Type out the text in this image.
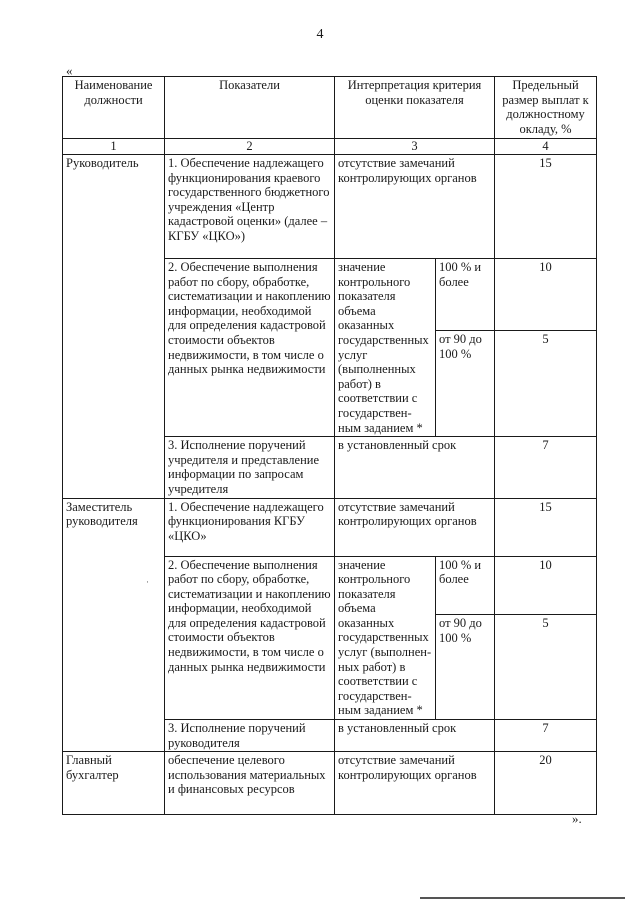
4
«
Наименование должности	Показатели	Интерпретация критерия оценки показателя		Предельный размер выплат к должностному окладу, %
1	2	3		4
Руководитель	1. Обеспечение надлежащего функционирования краевого государственного бюджетного учреждения «Центр кадастровой оценки» (далее – КГБУ «ЦКО»)	отсутствие замечаний контролирующих органов		15
	2. Обеспечение выполнения работ по сбору, обработке, систематизации и накоплению информации, необходимой для определения кадастровой стоимости объектов недвижимости, в том числе о данных рынка недвижимости	значение контрольного показателя объема оказанных государственных услуг (выполненных работ) в соответствии с государствен- ным заданием *	100 % и более	10
			от 90 до 100 %	5
	3. Исполнение поручений учредителя и представление информации по запросам учредителя	в установленный срок		7
Заместитель руководителя	1. Обеспечение надлежащего функционирования КГБУ «ЦКО»	отсутствие замечаний контролирующих органов		15
	2. Обеспечение выполнения работ по сбору, обработке, систематизации и накоплению информации, необходимой для определения кадастровой стоимости объектов недвижимости, в том числе о данных рынка недвижимости	значение контрольного показателя объема оказанных государственных услуг (выполнен- ных работ) в соответствии с государствен- ным заданием *	100 % и более	10
			от 90 до 100 %	5
	3. Исполнение поручений руководителя	в установленный срок		7
Главный бухгалтер	обеспечение целевого использования материальных и финансовых ресурсов	отсутствие замечаний контролирующих органов		20
».
·
